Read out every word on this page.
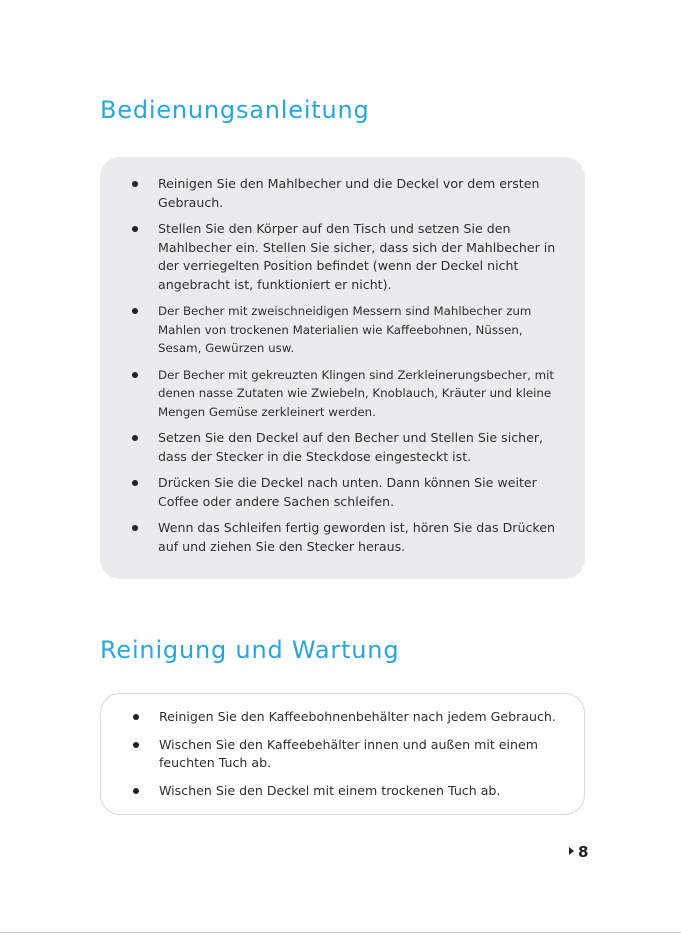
Bedienungsanleitung
Reinigen Sie den Mahlbecher und die Deckel vor dem ersten Gebrauch.
Stellen Sie den Körper auf den Tisch und setzen Sie den Mahlbecher ein. Stellen Sie sicher, dass sich der Mahlbecher in der verriegelten Position befindet (wenn der Deckel nicht angebracht ist, funktioniert er nicht).
Der Becher mit zweischneidigen Messern sind Mahlbecher zum Mahlen von trockenen Materialien wie Kaffeebohnen, Nüssen, Sesam, Gewürzen usw.
Der Becher mit gekreuzten Klingen sind Zerkleinerungsbecher, mit denen nasse Zutaten wie Zwiebeln, Knoblauch, Kräuter und kleine Mengen Gemüse zerkleinert werden.
Setzen Sie den Deckel auf den Becher und Stellen Sie sicher, dass der Stecker in die Steckdose eingesteckt ist.
Drücken Sie die Deckel nach unten. Dann können Sie weiter Coffee oder andere Sachen schleifen.
Wenn das Schleifen fertig geworden ist, hören Sie das Drücken auf und ziehen Sie den Stecker heraus.
Reinigung und Wartung
Reinigen Sie den Kaffeebohnenbehälter nach jedem Gebrauch.
Wischen Sie den Kaffeebehälter innen und außen mit einem feuchten Tuch ab.
Wischen Sie den Deckel mit einem trockenen Tuch ab.
8
